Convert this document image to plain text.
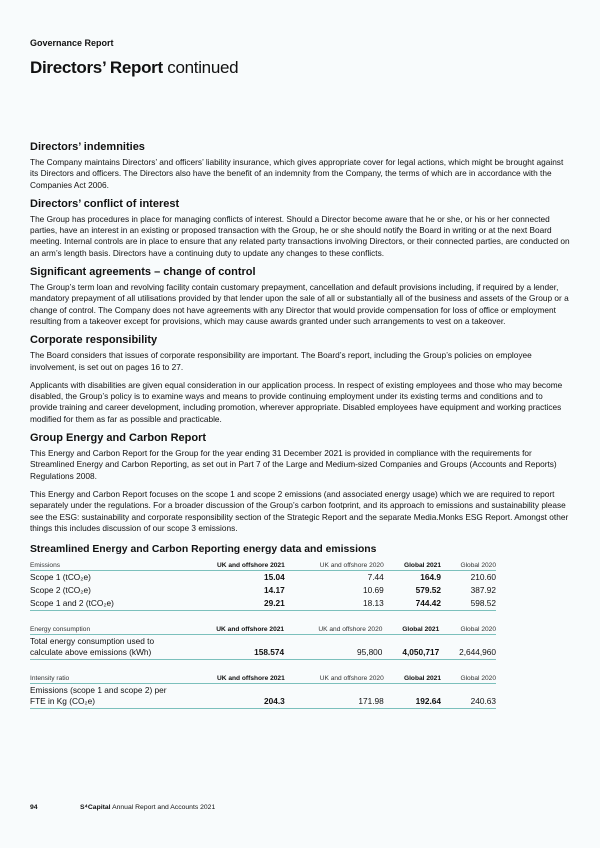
Governance Report
Directors’ Report continued
Directors’ indemnities

The Company maintains Directors’ and officers’ liability insurance, which gives appropriate cover for legal actions, which might be brought against its Directors and officers. The Directors also have the benefit of an indemnity from the Company, the terms of which are in accordance with the Companies Act 2006.

Directors’ conflict of interest

The Group has procedures in place for managing conflicts of interest. Should a Director become aware that he or she, or his or her connected parties, have an interest in an existing or proposed transaction with the Group, he or she should notify the Board in writing or at the next Board meeting. Internal controls are in place to ensure that any related party transactions involving Directors, or their connected parties, are conducted on an arm’s length basis. Directors have a continuing duty to update any changes to these conflicts.

Significant agreements – change of control

The Group’s term loan and revolving facility contain customary prepayment, cancellation and default provisions including, if required by a lender, mandatory prepayment of all utilisations provided by that lender upon the sale of all or substantially all of the business and assets of the Group or a change of control. The Company does not have agreements with any Director that would provide compensation for loss of office or employment resulting from a takeover except for provisions, which may cause awards granted under such arrangements to vest on a takeover.

Corporate responsibility

The Board considers that issues of corporate responsibility are important. The Board’s report, including the Group’s policies on employee involvement, is set out on pages 16 to 27.

Applicants with disabilities are given equal consideration in our application process. In respect of existing employees and those who may become disabled, the Group’s policy is to examine ways and means to provide continuing employment under its existing terms and conditions and to provide training and career development, including promotion, wherever appropriate. Disabled employees have equipment and working practices modified for them as far as possible and practicable.

Group Energy and Carbon Report

This Energy and Carbon Report for the Group for the year ending 31 December 2021 is provided in compliance with the requirements for Streamlined Energy and Carbon Reporting, as set out in Part 7 of the Large and Medium-sized Companies and Groups (Accounts and Reports) Regulations 2008.

This Energy and Carbon Report focuses on the scope 1 and scope 2 emissions (and associated energy usage) which we are required to report separately under the regulations. For a broader discussion of the Group’s carbon footprint, and its approach to emissions and sustainability please see the ESG: sustainability and corporate responsibility section of the Strategic Report and the separate Media.Monks ESG Report. Amongst other things this includes discussion of our scope 3 emissions.

Streamlined Energy and Carbon Reporting energy data and emissions
Emissions	UK and offshore 2021	UK and offshore 2020	Global 2021	Global 2020
Scope 1 (tCO₂e)	15.04	7.44	164.9	210.60
Scope 2 (tCO₂e)	14.17	10.69	579.52	387.92
Scope 1 and 2 (tCO₂e)	29.21	18.13	744.42	598.52
Energy consumption	UK and offshore 2021	UK and offshore 2020	Global 2021	Global 2020
Total energy consumption used to calculate above emissions (kWh)	158.574	95,800	4,050,717	2,644,960
Intensity ratio	UK and offshore 2021	UK and offshore 2020	Global 2021	Global 2020
Emissions (scope 1 and scope 2) per FTE in Kg (CO₂e)	204.3	171.98	192.64	240.63
94	S⁴Capital Annual Report and Accounts 2021
